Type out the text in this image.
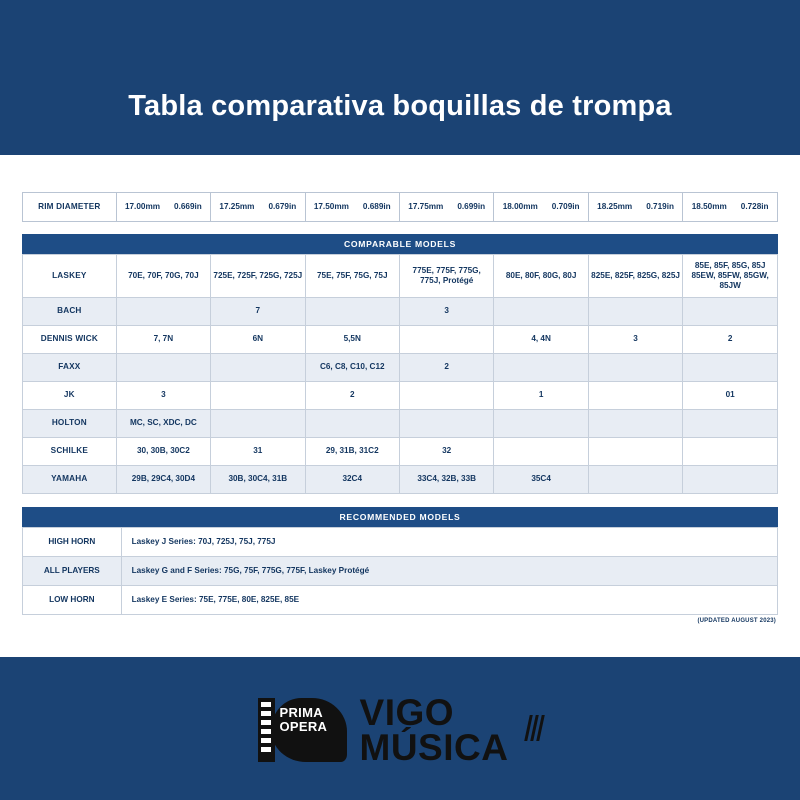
Tabla comparativa boquillas de trompa
RIM DIAMETER	17.00mm 0.669in	17.25mm 0.679in	17.50mm 0.689in	17.75mm 0.699in	18.00mm 0.709in	18.25mm 0.719in	18.50mm 0.728in
COMPARABLE MODELS
LASKEY	70E, 70F, 70G, 70J	725E, 725F, 725G, 725J	75E, 75F, 75G, 75J	775E, 775F, 775G, 775J, Protégé	80E, 80F, 80G, 80J	825E, 825F, 825G, 825J	85E, 85F, 85G, 85J 85EW, 85FW, 85GW, 85JW
BACH		7		3			
DENNIS WICK	7, 7N	6N	5,5N		4, 4N	3	2
FAXX			C6, C8, C10, C12	2			
JK	3		2		1		01
HOLTON	MC, SC, XDC, DC						
SCHILKE	30, 30B, 30C2	31	29, 31B, 31C2	32			
YAMAHA	29B, 29C4, 30D4	30B, 30C4, 31B	32C4	33C4, 32B, 33B	35C4		
RECOMMENDED MODELS
HIGH HORN	Laskey J Series: 70J, 725J, 75J, 775J
ALL PLAYERS	Laskey G and F Series: 75G, 75F, 775G, 775F, Laskey Protégé
LOW HORN	Laskey E Series: 75E, 775E, 80E, 825E, 85E
(UPDATED AUGUST 2023)
PRIMA
OPERA VIGO
MÚSICA
